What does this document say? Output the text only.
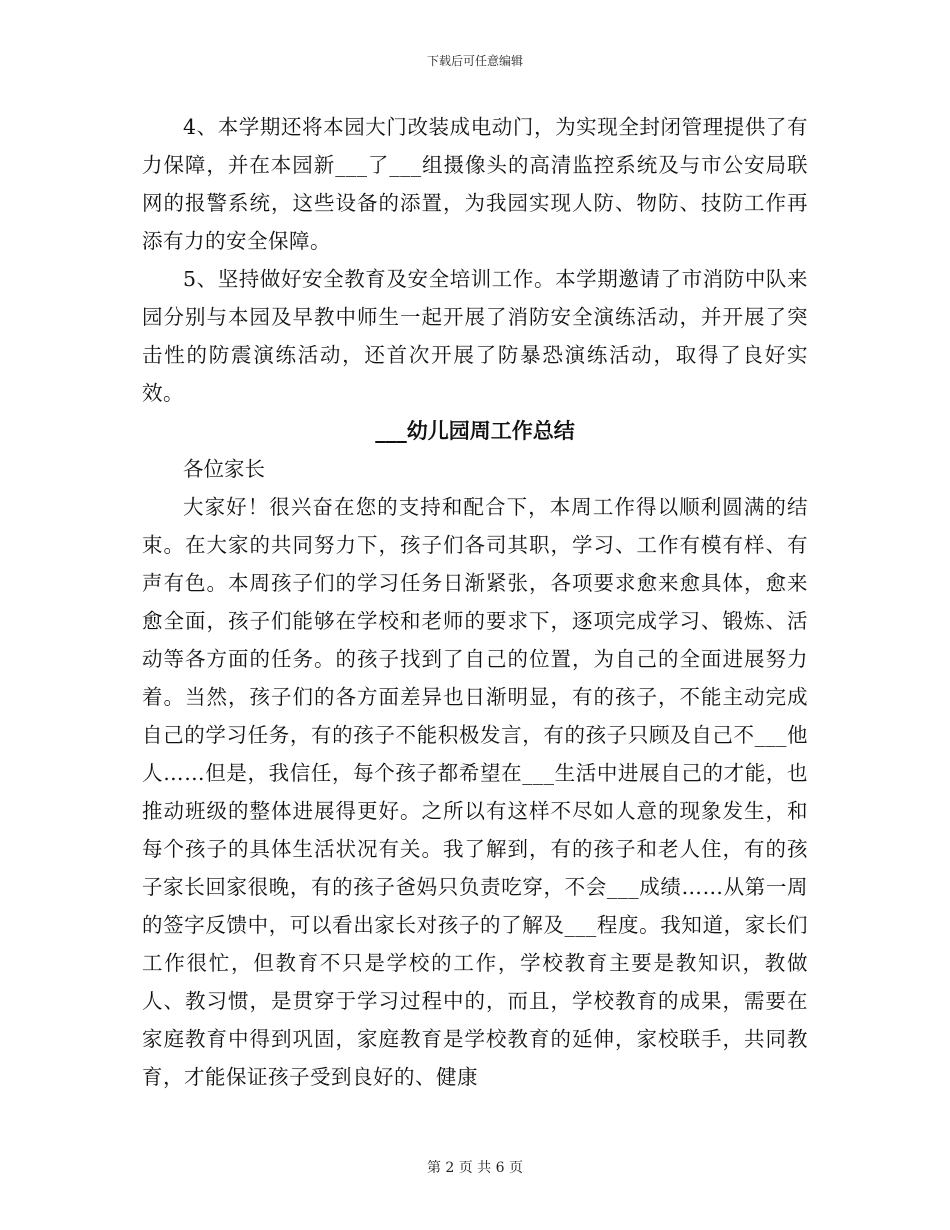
下载后可任意编辑

4、本学期还将本园大门改装成电动门，为实现全封闭管理提供了有力保障，并在本园新___了___组摄像头的高清监控系统及与市公安局联网的报警系统，这些设备的添置，为我园实现人防、物防、技防工作再添有力的安全保障。

5、坚持做好安全教育及安全培训工作。本学期邀请了市消防中队来园分别与本园及早教中师生一起开展了消防安全演练活动，并开展了突击性的防震演练活动，还首次开展了防暴恐演练活动，取得了良好实效。

___幼儿园周工作总结

各位家长

大家好！很兴奋在您的支持和配合下，本周工作得以顺利圆满的结束。在大家的共同努力下，孩子们各司其职，学习、工作有模有样、有声有色。本周孩子们的学习任务日渐紧张，各项要求愈来愈具体，愈来愈全面，孩子们能够在学校和老师的要求下，逐项完成学习、锻炼、活动等各方面的任务。的孩子找到了自己的位置，为自己的全面进展努力着。当然，孩子们的各方面差异也日渐明显，有的孩子，不能主动完成自己的学习任务，有的孩子不能积极发言，有的孩子只顾及自己不___他人……但是，我信任，每个孩子都希望在___生活中进展自己的才能，也推动班级的整体进展得更好。之所以有这样不尽如人意的现象发生，和每个孩子的具体生活状况有关。我了解到，有的孩子和老人住，有的孩子家长回家很晚，有的孩子爸妈只负责吃穿，不会___成绩……从第一周的签字反馈中，可以看出家长对孩子的了解及___程度。我知道，家长们工作很忙，但教育不只是学校的工作，学校教育主要是教知识，教做人、教习惯，是贯穿于学习过程中的，而且，学校教育的成果，需要在家庭教育中得到巩固，家庭教育是学校教育的延伸，家校联手，共同教育，才能保证孩子受到良好的、健康

第 2 页 共 6 页
